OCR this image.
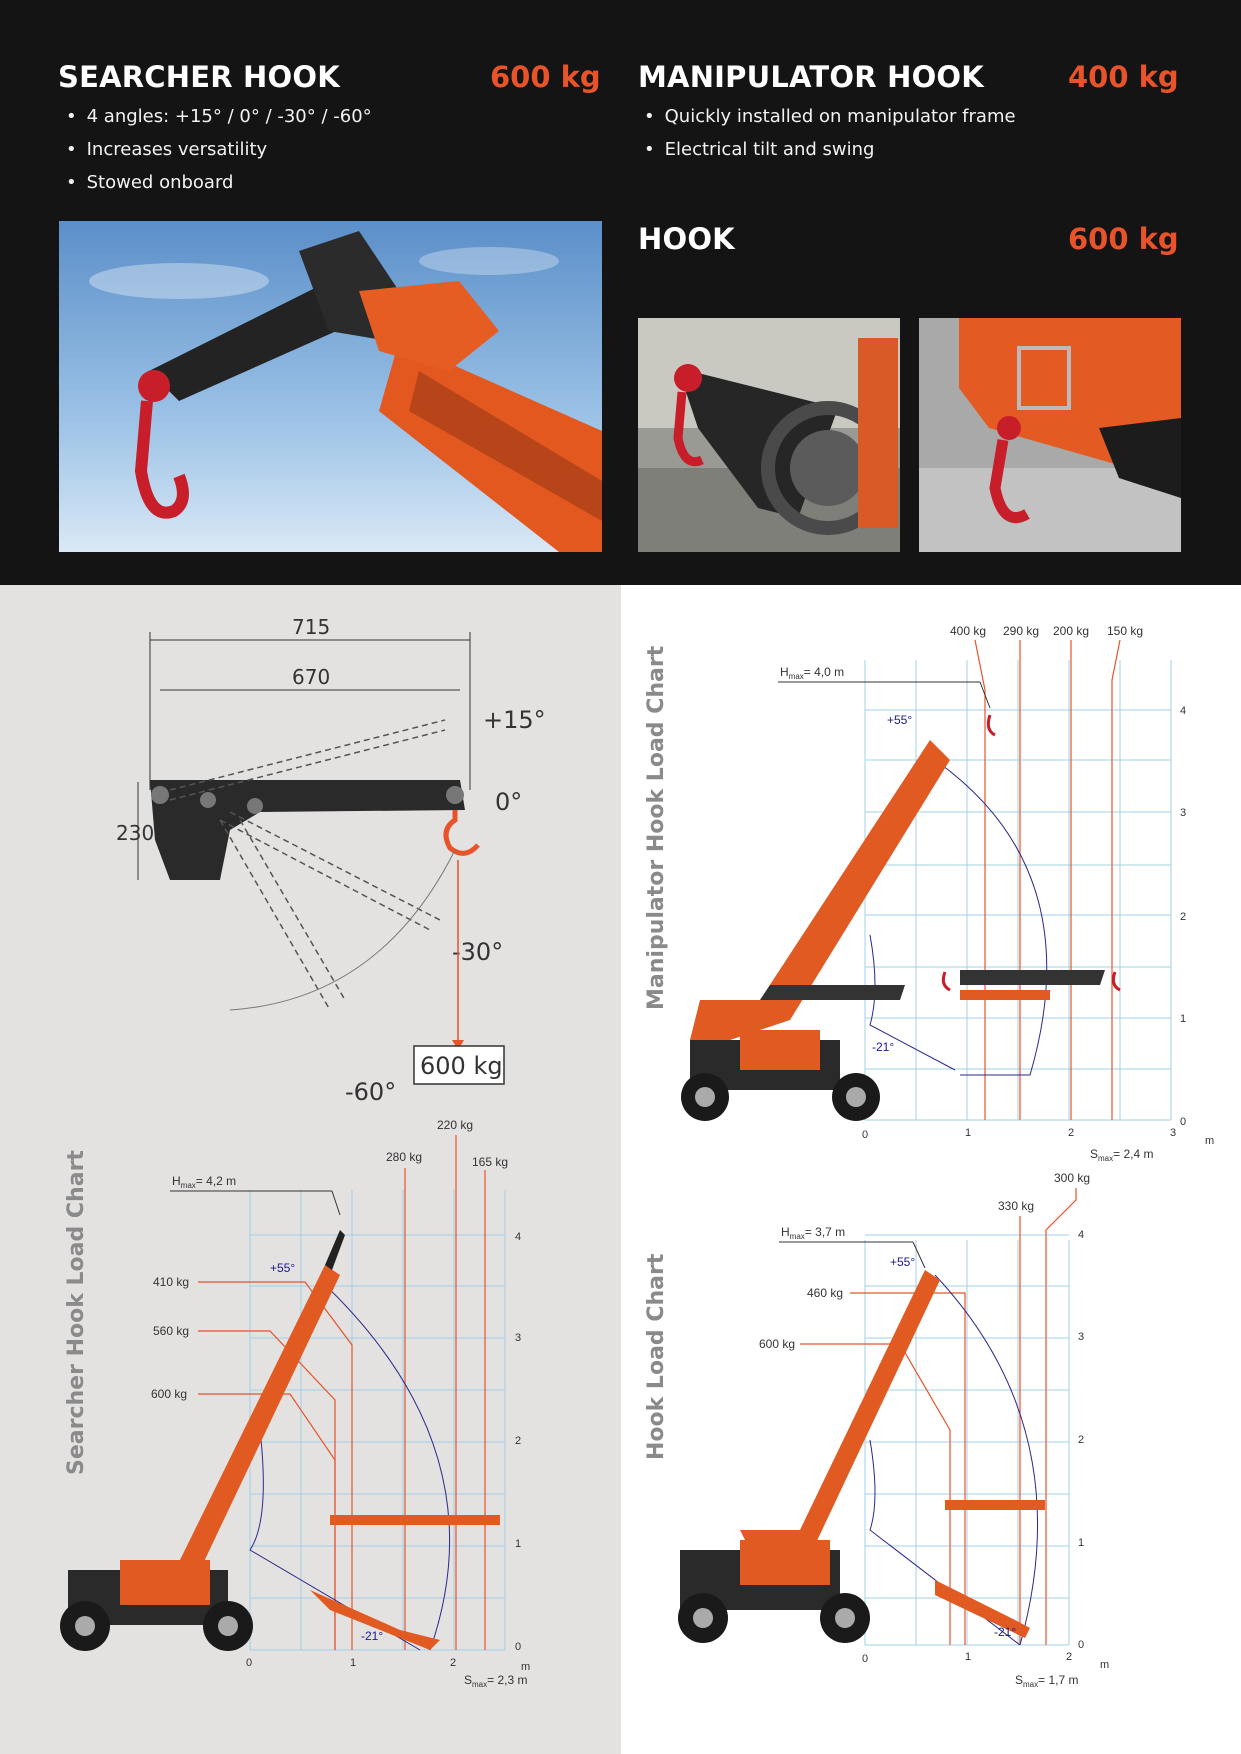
SEARCHER HOOK	600 kg
• 4 angles: +15° / 0° / -30° / -60°
• Increases versatility
• Stowed onboard
MANIPULATOR HOOK	400 kg
• Quickly installed on manipulator frame
• Electrical tilt and swing
HOOK	600 kg
715
670
230
+15°
0°
-30°
-60°
600 kg
Manipulator Hook Load Chart
400 kg 290 kg 200 kg 150 kg
$H_{max}= 4,0$ m
+55°
-21°
0	1	2	3
m
0
1
2
3
4
$S_{max}= 2,4$ m
Searcher Hook Load Chart	280 kg
220 kg
165 kg
410 kg
560 kg
600 kg
$H_{max}= 4,2$ m
+55°
-21°
0	1	2	m
0
1
2
3
4
$S_{max}= 2,3$ m
Hook Load Chart
330 kg
300 kg
460 kg
600 kg
$H_{max}= 3,7$ m
+55°
-21°
0	1	2
m
0
1
2
3
4
$S_{max}= 1,7$ m
